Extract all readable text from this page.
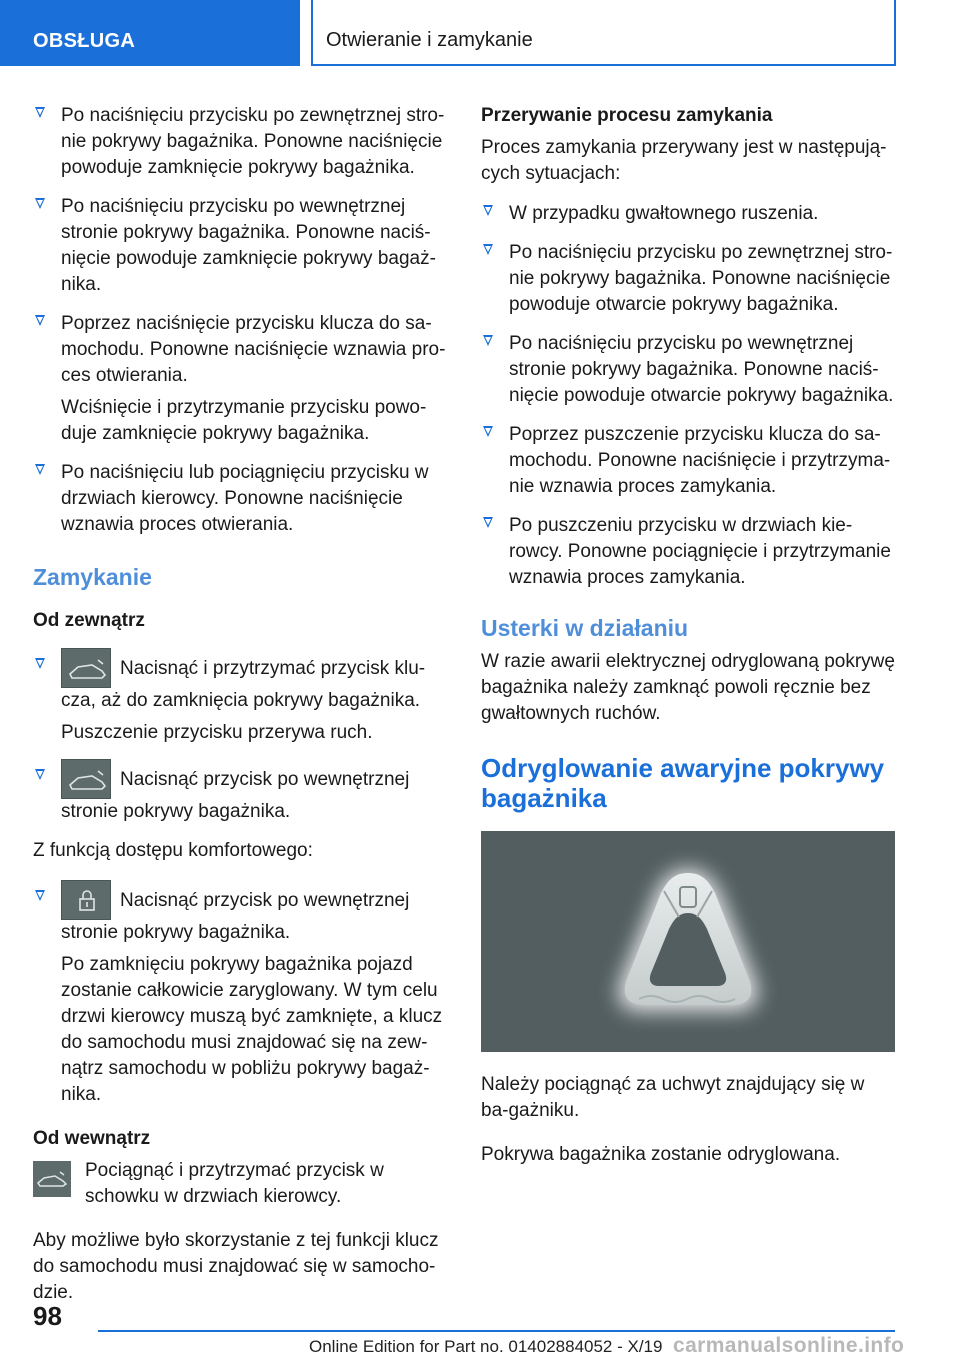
OBSŁUGA	Otwieranie i zamykanie
Po naciśnięciu przycisku po zewnętrznej stro-nie pokrywy bagażnika. Ponowne naciśnięcie powoduje zamknięcie pokrywy bagażnika.
Po naciśnięciu przycisku po wewnętrznej stronie pokrywy bagażnika. Ponowne naciś-nięcie powoduje zamknięcie pokrywy bagaż-nika.
Poprzez naciśnięcie przycisku klucza do sa-mochodu. Ponowne naciśnięcie wznawia pro-ces otwierania.
Wciśnięcie i przytrzymanie przycisku powo-duje zamknięcie pokrywy bagażnika.
Po naciśnięciu lub pociągnięciu przycisku w drzwiach kierowcy. Ponowne naciśnięcie wznawia proces otwierania.
Zamykanie
Od zewnątrz
Nacisnąć i przytrzymać przycisk klu-cza, aż do zamknięcia pokrywy bagażnika.
Puszczenie przycisku przerywa ruch.
Nacisnąć przycisk po wewnętrznej stronie pokrywy bagażnika.
Z funkcją dostępu komfortowego:
Nacisnąć przycisk po wewnętrznej stronie pokrywy bagażnika.
Po zamknięciu pokrywy bagażnika pojazd zostanie całkowicie zaryglowany. W tym celu drzwi kierowcy muszą być zamknięte, a klucz do samochodu musi znajdować się na zew-nątrz samochodu w pobliżu pokrywy bagaż-nika.
Od wewnątrz
Pociągnąć i przytrzymać przycisk w schowku w drzwiach kierowcy.
Aby możliwe było skorzystanie z tej funkcji klucz do samochodu musi znajdować się w samocho-dzie.
Przerywanie procesu zamykania
Proces zamykania przerywany jest w następują-cych sytuacjach:
W przypadku gwałtownego ruszenia.
Po naciśnięciu przycisku po zewnętrznej stro-nie pokrywy bagażnika. Ponowne naciśnięcie powoduje otwarcie pokrywy bagażnika.
Po naciśnięciu przycisku po wewnętrznej stronie pokrywy bagażnika. Ponowne naciś-nięcie powoduje otwarcie pokrywy bagażnika.
Poprzez puszczenie przycisku klucza do sa-mochodu. Ponowne naciśnięcie i przytrzyma-nie wznawia proces zamykania.
Po puszczeniu przycisku w drzwiach kie-rowcy. Ponowne pociągnięcie i przytrzymanie wznawia proces zamykania.
Usterki w działaniu
W razie awarii elektrycznej odryglowaną pokrywę bagażnika należy zamknąć powoli ręcznie bez gwałtownych ruchów.
Odryglowanie awaryjne pokrywy bagażnika
Należy pociągnąć za uchwyt znajdujący się w ba-gażniku.
Pokrywa bagażnika zostanie odryglowana.
98
Online Edition for Part no. 01402884052 - X/19 carmanualsonline.info
